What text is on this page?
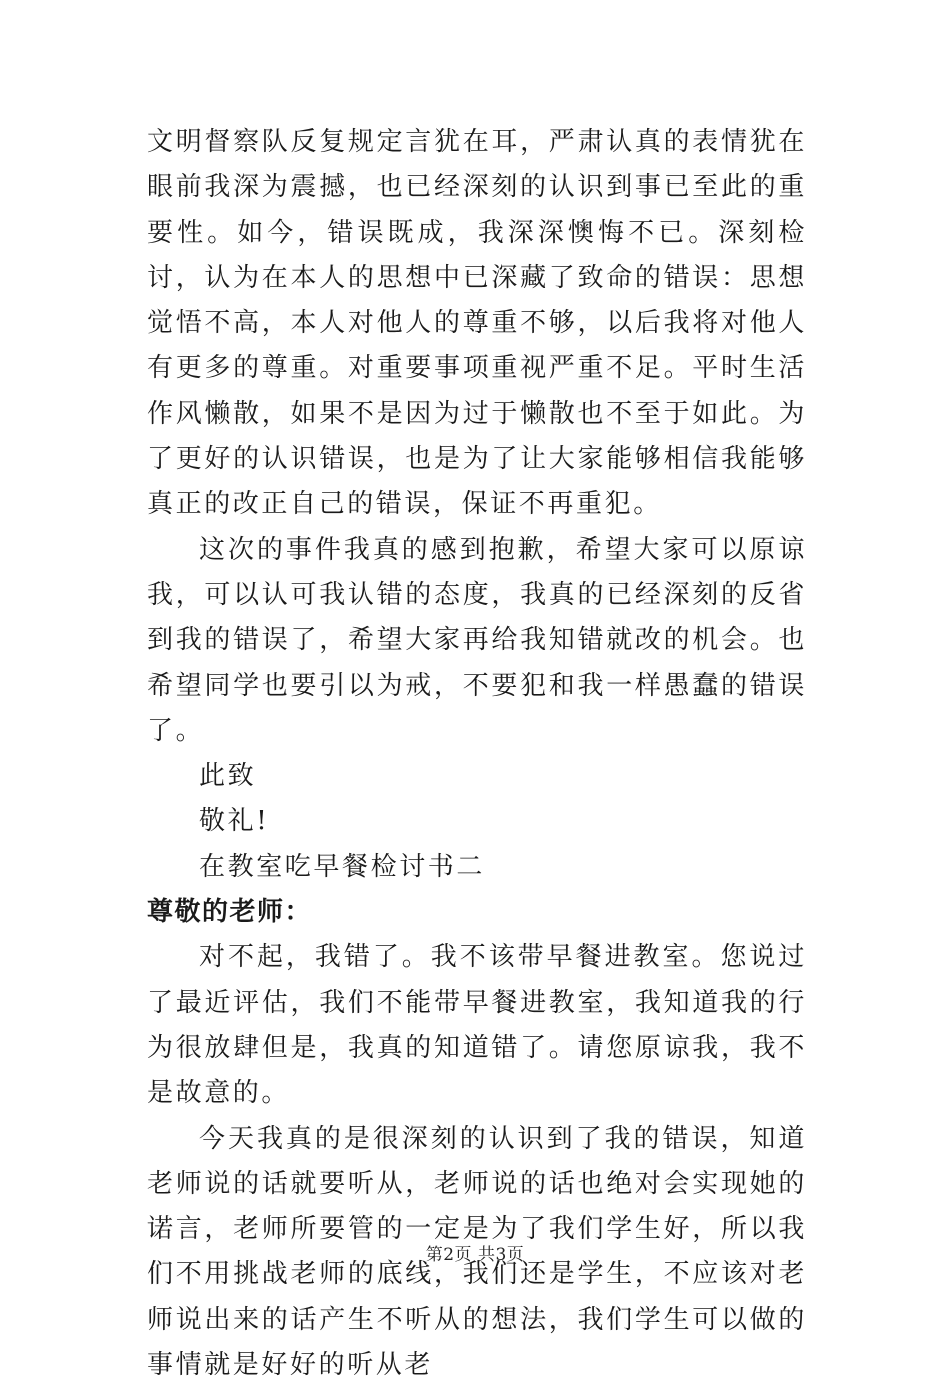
文明督察队反复规定言犹在耳，严肃认真的表情犹在眼前我深为震撼，也已经深刻的认识到事已至此的重要性。如今，错误既成，我深深懊悔不已。深刻检讨，认为在本人的思想中已深藏了致命的错误：思想觉悟不高，本人对他人的尊重不够，以后我将对他人有更多的尊重。对重要事项重视严重不足。平时生活作风懒散，如果不是因为过于懒散也不至于如此。为了更好的认识错误，也是为了让大家能够相信我能够真正的改正自己的错误，保证不再重犯。

这次的事件我真的感到抱歉，希望大家可以原谅我，可以认可我认错的态度，我真的已经深刻的反省到我的错误了，希望大家再给我知错就改的机会。也希望同学也要引以为戒，不要犯和我一样愚蠢的错误了。

此致

敬礼!

在教室吃早餐检讨书二

尊敬的老师：

对不起，我错了。我不该带早餐进教室。您说过了最近评估，我们不能带早餐进教室，我知道我的行为很放肆但是，我真的知道错了。请您原谅我，我不是故意的。

今天我真的是很深刻的认识到了我的错误，知道老师说的话就要听从，老师说的话也绝对会实现她的诺言，老师所要管的一定是为了我们学生好，所以我们不用挑战老师的底线，我们还是学生，不应该对老师说出来的话产生不听从的想法，我们学生可以做的事情就是好好的听从老

第2页 共3页
